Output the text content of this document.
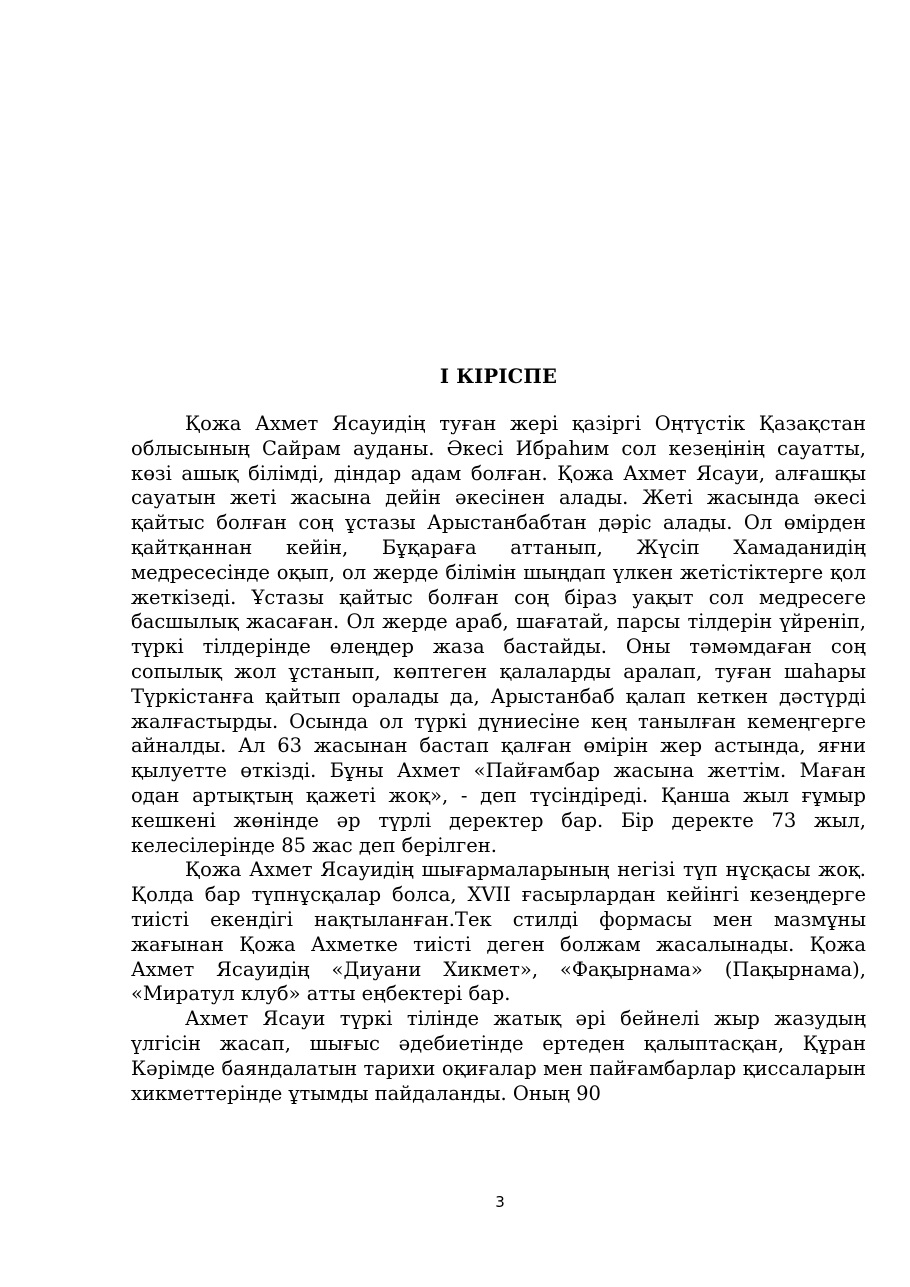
I КІРІСПЕ

Қожа Ахмет Ясауидің туған жері қазіргі Оңтүстік Қазақстан облысының Сайрам ауданы. Әкесі Ибраһим сол кезеңінің сауатты, көзі ашық білімді, діндар адам болған. Қожа Ахмет Ясауи, алғашқы сауатын жеті жасына дейін әкесінен алады. Жеті жасында әкесі қайтыс болған соң ұстазы Арыстанбабтан дәріс алады. Ол өмірден қайтқаннан кейін, Бұқараға аттанып, Жүсіп Хамаданидің медресесінде оқып, ол жерде білімін шыңдап үлкен жетістіктерге қол жеткізеді. Ұстазы қайтыс болған соң біраз уақыт сол медресеге басшылық жасаған. Ол жерде араб, шағатай, парсы тілдерін үйреніп, түркі тілдерінде өлеңдер жаза бастайды. Оны тәмәмдаған соң сопылық жол ұстанып, көптеген қалаларды аралап, туған шаһары Түркістанға қайтып оралады да, Арыстанбаб қалап кеткен дәстүрді жалғастырды. Осында ол түркі дүниесіне кең танылған кемеңгерге айналды. Ал 63 жасынан бастап қалған өмірін жер астында, яғни қылуетте өткізді. Бұны Ахмет «Пайғамбар жасына жеттім. Маған одан артықтың қажеті жоқ», - деп түсіндіреді. Қанша жыл ғұмыр кешкені жөнінде әр түрлі деректер бар. Бір деректе 73 жыл, келесілерінде 85 жас деп берілген.

Қожа Ахмет Ясауидің шығармаларының негізі түп нұсқасы жоқ. Қолда бар түпнұсқалар болса, XVII ғасырлардан кейінгі кезеңдерге тиісті екендігі нақтыланған.Тек стилді формасы мен мазмұны жағынан Қожа Ахметке тиісті деген болжам жасалынады. Қожа Ахмет Ясауидің «Диуани Хикмет», «Фақырнама» (Пақырнама), «Миратул клуб» атты еңбектері бар.

Ахмет Ясауи түркі тілінде жатық әрі бейнелі жыр жазудың үлгісін жасап, шығыс әдебиетінде ертеден қалыптасқан, Құран Кәрімде баяндалатын тарихи оқиғалар мен пайғамбарлар қиссаларын хикметтерінде ұтымды пайдаланды. Оның 90

3
